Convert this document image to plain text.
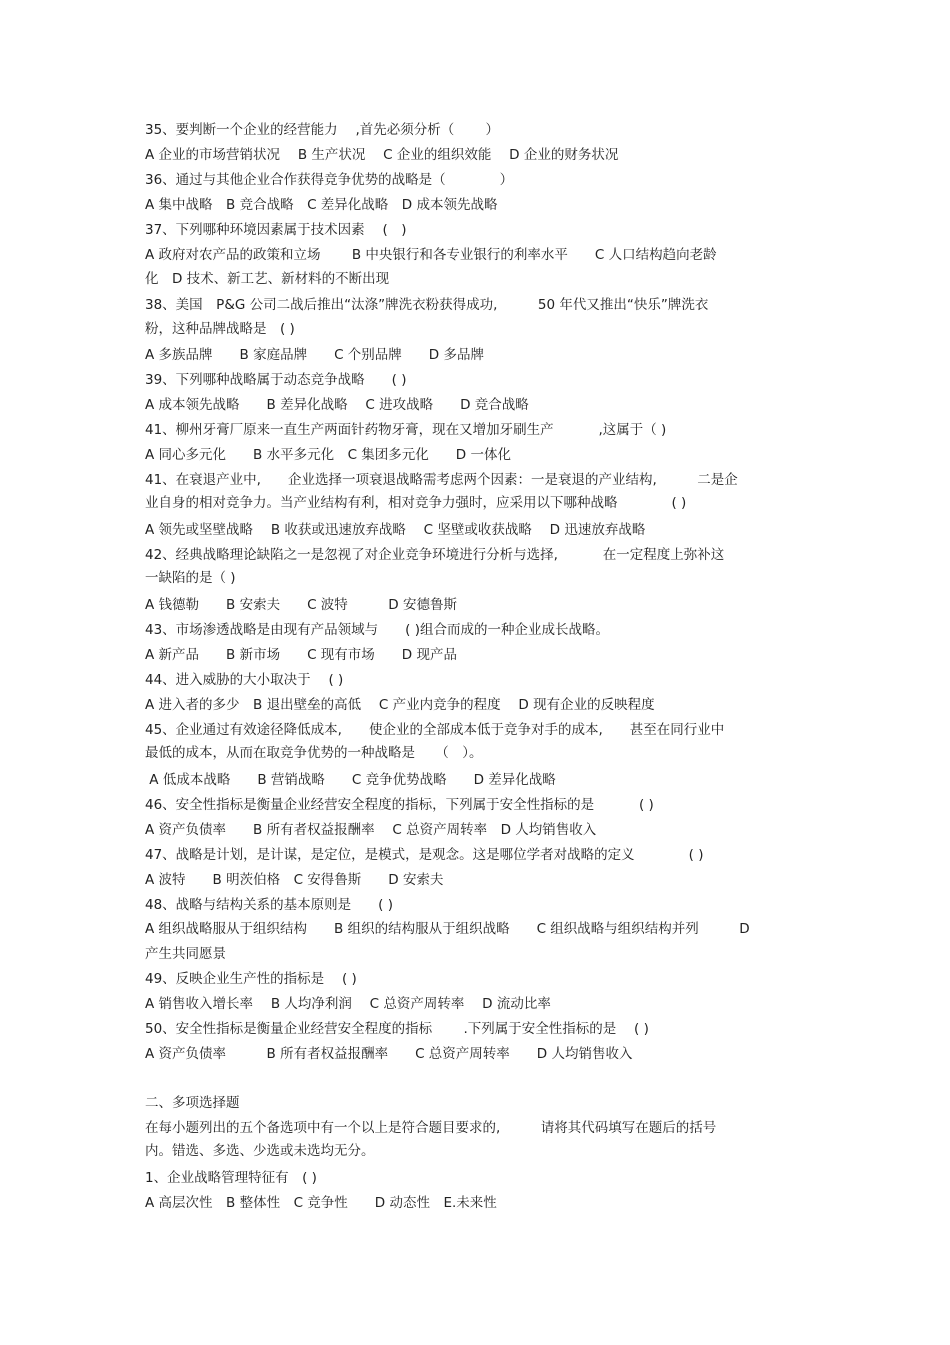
35、要判断一个企业的经营能力　 ,首先必须分析（　　 ）
A 企业的市场营销状况　 B 生产状况　 C 企业的组织效能　 D 企业的财务状况
36、通过与其他企业合作获得竞争优势的战略是（　　　　）
A 集中战略　B 竞合战略　C 差异化战略　D 成本领先战略
37、下列哪种环境因素属于技术因素　 (　)
A 政府对农产品的政策和立场　　 B 中央银行和各专业银行的利率水平　　C 人口结构趋向老龄
化　D 技术、新工艺、新材料的不断出现
38、美国　P&G 公司二战后推出“汰涤”牌洗衣粉获得成功,　　　50 年代又推出“快乐”牌洗衣
粉，这种品牌战略是　( )
A 多族品牌　　B 家庭品牌　　C 个别品牌　　D 多品牌
39、下列哪种战略属于动态竞争战略　　( )
A 成本领先战略　　B 差异化战略　 C 进攻战略　　D 竞合战略
41、柳州牙膏厂原来一直生产两面针药物牙膏，现在又增加牙刷生产　　　 ,这属于（ )
A 同心多元化　　B 水平多元化　C 集团多元化　　D 一体化
41、在衰退产业中,　　企业选择一项衰退战略需考虑两个因素：一是衰退的产业结构,　　　二是企
业自身的相对竞争力。当产业结构有利，相对竞争力强时，应采用以下哪种战略　　　　( )
A 领先或坚壁战略　 B 收获或迅速放弃战略　 C 坚壁或收获战略　 D 迅速放弃战略
42、经典战略理论缺陷之一是忽视了对企业竞争环境进行分析与选择,　　　 在一定程度上弥补这
一缺陷的是（ )
A 钱德勒　　B 安索夫　　C 波特　　　D 安德鲁斯
43、市场渗透战略是由现有产品领域与　　( )组合而成的一种企业成长战略。
A 新产品　　B 新市场　　C 现有市场　　D 现产品
44、进入威胁的大小取决于　 ( )
A 进入者的多少　B 退出壁垒的高低　 C 产业内竞争的程度　 D 现有企业的反映程度
45、企业通过有效途径降低成本,　　使企业的全部成本低于竞争对手的成本,　　甚至在同行业中
最低的成本，从而在取竞争优势的一种战略是　　（　）。
A 低成本战略　　B 营销战略　　C 竞争优势战略　　D 差异化战略
46、安全性指标是衡量企业经营安全程度的指标，下列属于安全性指标的是　　　 ( )
A 资产负债率　　B 所有者权益报酬率　 C 总资产周转率　D 人均销售收入
47、战略是计划，是计谋，是定位，是模式，是观念。这是哪位学者对战略的定义　　　　( )
A 波特　　B 明茨伯格　C 安得鲁斯　　D 安索夫
48、战略与结构关系的基本原则是　　( )
A 组织战略服从于组织结构　　B 组织的结构服从于组织战略　　C 组织战略与组织结构并列　　　D
产生共同愿景
49、反映企业生产性的指标是　 ( )
A 销售收入增长率　 B 人均净利润　 C 总资产周转率　 D 流动比率
50、安全性指标是衡量企业经营安全程度的指标　　 .下列属于安全性指标的是　 ( )
A 资产负债率　　　B 所有者权益报酬率　　C 总资产周转率　　D 人均销售收入
二、多项选择题
在每小题列出的五个备选项中有一个以上是符合题目要求的,　　　请将其代码填写在题后的括号
内。错选、多选、少选或未选均无分。
1、企业战略管理特征有　( )
A 高层次性　B 整体性　C 竞争性　　D 动态性　E.未来性
